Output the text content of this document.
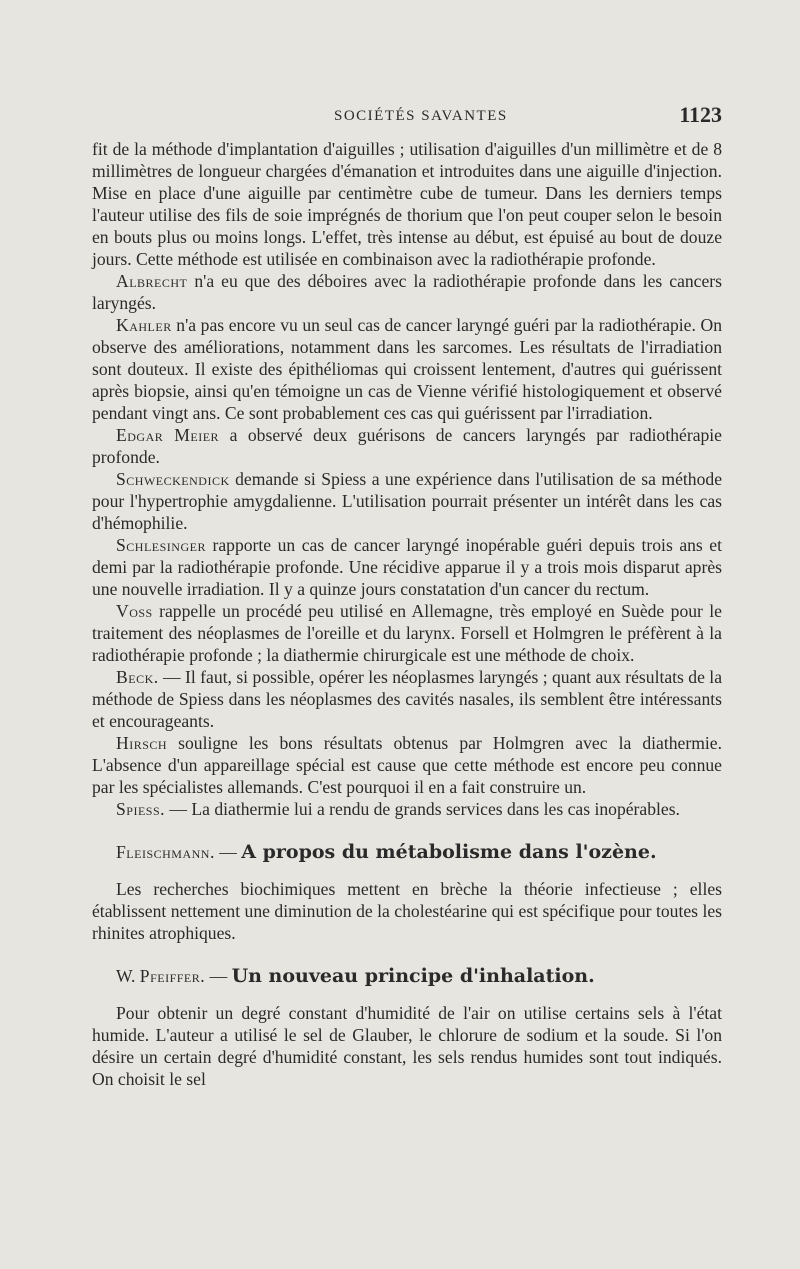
SOCIÉTÉS SAVANTES	1123

fit de la méthode d'implantation d'aiguilles ; utilisation d'aiguilles d'un millimètre et de 8 millimètres de longueur chargées d'émanation et introduites dans une aiguille d'injection. Mise en place d'une aiguille par centimètre cube de tumeur. Dans les derniers temps l'auteur utilise des fils de soie imprégnés de thorium que l'on peut couper selon le besoin en bouts plus ou moins longs. L'effet, très intense au début, est épuisé au bout de douze jours. Cette méthode est utilisée en combinaison avec la radiothérapie profonde.

Albrecht n'a eu que des déboires avec la radiothérapie profonde dans les cancers laryngés.

Kahler n'a pas encore vu un seul cas de cancer laryngé guéri par la radiothérapie. On observe des améliorations, notamment dans les sarcomes. Les résultats de l'irradiation sont douteux. Il existe des épithéliomas qui croissent lentement, d'autres qui guérissent après biopsie, ainsi qu'en témoigne un cas de Vienne vérifié histologiquement et observé pendant vingt ans. Ce sont probablement ces cas qui guérissent par l'irradiation.

Edgar Meier a observé deux guérisons de cancers laryngés par radiothérapie profonde.

Schweckendick demande si Spiess a une expérience dans l'utilisation de sa méthode pour l'hypertrophie amygdalienne. L'utilisation pourrait présenter un intérêt dans les cas d'hémophilie.

Schlesinger rapporte un cas de cancer laryngé inopérable guéri depuis trois ans et demi par la radiothérapie profonde. Une récidive apparue il y a trois mois disparut après une nouvelle irradiation. Il y a quinze jours constatation d'un cancer du rectum.

Voss rappelle un procédé peu utilisé en Allemagne, très employé en Suède pour le traitement des néoplasmes de l'oreille et du larynx. Forsell et Holmgren le préfèrent à la radiothérapie profonde ; la diathermie chirurgicale est une méthode de choix.

Beck. — Il faut, si possible, opérer les néoplasmes laryngés ; quant aux résultats de la méthode de Spiess dans les néoplasmes des cavités nasales, ils semblent être intéressants et encourageants.

Hirsch souligne les bons résultats obtenus par Holmgren avec la diathermie. L'absence d'un appareillage spécial est cause que cette méthode est encore peu connue par les spécialistes allemands. C'est pourquoi il en a fait construire un.

Spiess. — La diathermie lui a rendu de grands services dans les cas inopérables.

Fleischmann. — A propos du métabolisme dans l'ozène.

Les recherches biochimiques mettent en brèche la théorie infectieuse ; elles établissent nettement une diminution de la cholestéarine qui est spécifique pour toutes les rhinites atrophiques.

W. Pfeiffer. — Un nouveau principe d'inhalation.

Pour obtenir un degré constant d'humidité de l'air on utilise certains sels à l'état humide. L'auteur a utilisé le sel de Glauber, le chlorure de sodium et la soude. Si l'on désire un certain degré d'humidité constant, les sels rendus humides sont tout indiqués. On choisit le sel
